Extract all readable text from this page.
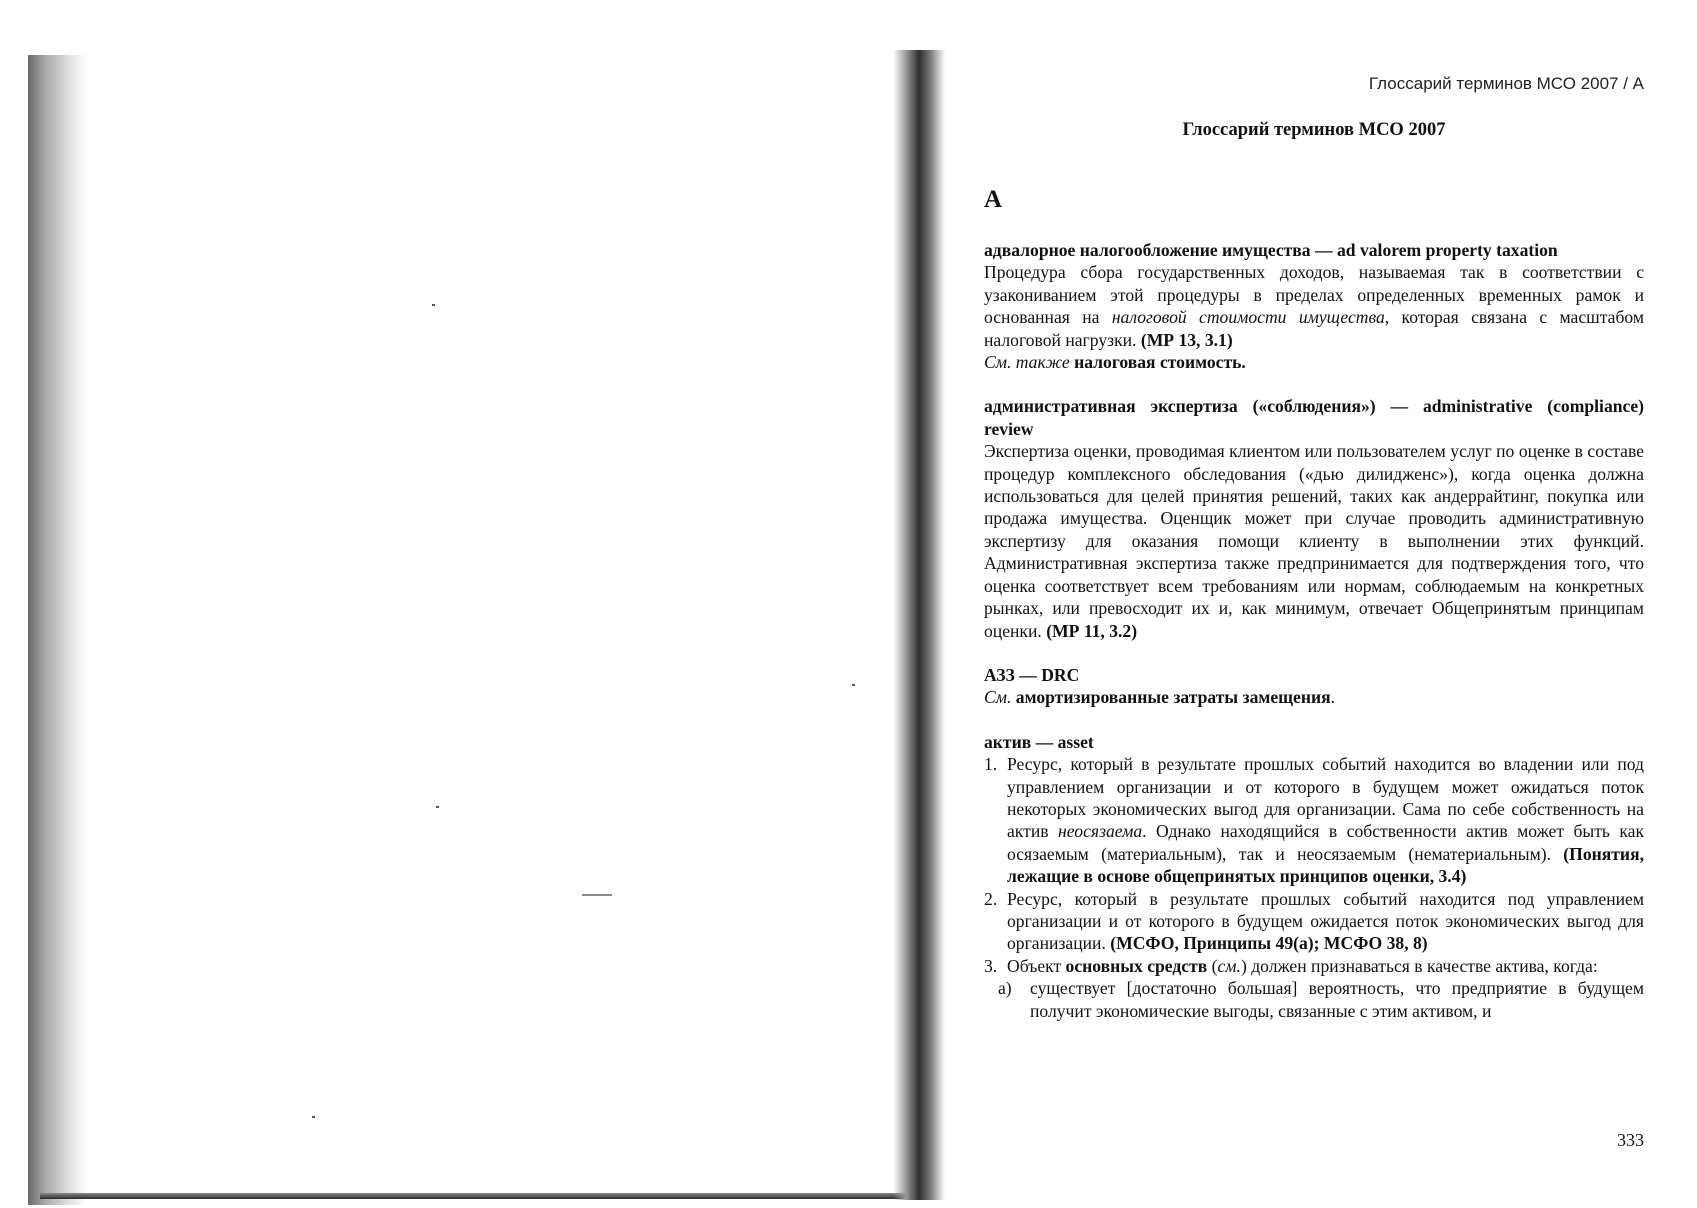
Глоссарий терминов МСО 2007 / А
Глоссарий терминов МСО 2007
А

адвалорное налогообложение имущества — ad valorem property taxation

Процедура сбора государственных доходов, называемая так в соответствии с узакониванием этой процедуры в пределах определенных временных рамок и основанная на налоговой стоимости имущества, которая связана с масштабом налоговой нагрузки. (МР 13, 3.1)

См. также налоговая стоимость.

административная экспертиза («соблюдения») — administrative (compliance) review

Экспертиза оценки, проводимая клиентом или пользователем услуг по оценке в составе процедур комплексного обследования («дью дилидженс»), когда оценка должна использоваться для целей принятия решений, таких как андеррайтинг, покупка или продажа имущества. Оценщик может при случае проводить административную экспертизу для оказания помощи клиенту в выполнении этих функций. Административная экспертиза также предпринимается для подтверждения того, что оценка соответствует всем требованиям или нормам, соблюдаемым на конкретных рынках, или превосходит их и, как минимум, отвечает Общепринятым принципам оценки. (МР 11, 3.2)

АЗЗ — DRC

См. амортизированные затраты замещения.

актив — asset

1. Ресурс, который в результате прошлых событий находится во владении или под управлением организации и от которого в будущем может ожидаться поток некоторых экономических выгод для организации. Сама по себе собственность на актив неосязаема. Однако находящийся в собственности актив может быть как осязаемым (материальным), так и неосязаемым (нематериальным). (Понятия, лежащие в основе общепринятых принципов оценки, 3.4)

2. Ресурс, который в результате прошлых событий находится под управлением организации и от которого в будущем ожидается поток экономических выгод для организации. (МСФО, Принципы 49(а); МСФО 38, 8)

3. Объект основных средств (см.) должен признаваться в качестве актива, когда:

а) существует [достаточно большая] вероятность, что предприятие в будущем получит экономические выгоды, связанные с этим активом, и

333
